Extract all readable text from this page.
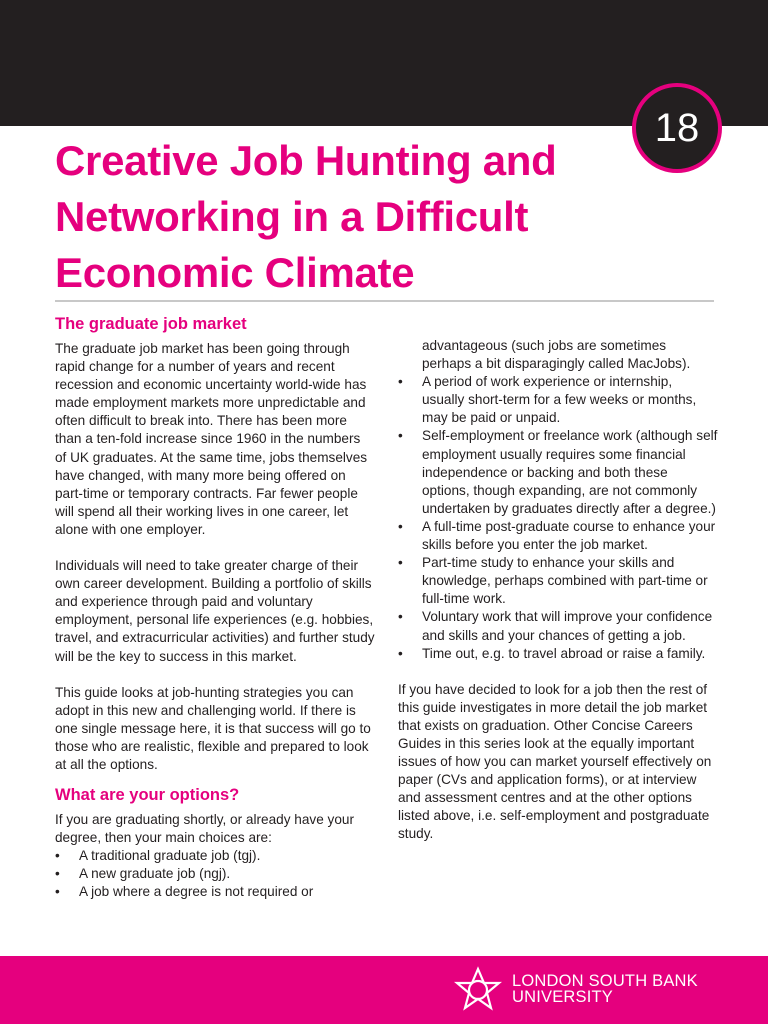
18
Creative Job Hunting and Networking in a Difficult Economic Climate
The graduate job market

The graduate job market has been going through rapid change for a number of years and recent recession and economic uncertainty world-wide has made employment markets more unpredictable and often difficult to break into. There has been more than a ten-fold increase since 1960 in the numbers of UK graduates. At the same time, jobs themselves have changed, with many more being offered on part-time or temporary contracts. Far fewer people will spend all their working lives in one career, let alone with one employer.

Individuals will need to take greater charge of their own career development. Building a portfolio of skills and experience through paid and voluntary employment, personal life experiences (e.g. hobbies, travel, and extracurricular activities) and further study will be the key to success in this market.

This guide looks at job-hunting strategies you can adopt in this new and challenging world. If there is one single message here, it is that success will go to those who are realistic, flexible and prepared to look at all the options.

What are your options?

If you are graduating shortly, or already have your degree, then your main choices are:

• A traditional graduate job (tgj).
• A new graduate job (ngj).
• A job where a degree is not required or

advantageous (such jobs are sometimes perhaps a bit disparagingly called MacJobs).

• A period of work experience or internship, usually short-term for a few weeks or months, may be paid or unpaid.
• Self-employment or freelance work (although self employment usually requires some financial independence or backing and both these options, though expanding, are not commonly undertaken by graduates directly after a degree.)
• A full-time post-graduate course to enhance your skills before you enter the job market.
• Part-time study to enhance your skills and knowledge, perhaps combined with part-time or full-time work.
• Voluntary work that will improve your confidence and skills and your chances of getting a job.
• Time out, e.g. to travel abroad or raise a family.

If you have decided to look for a job then the rest of this guide investigates in more detail the job market that exists on graduation. Other Concise Careers Guides in this series look at the equally important issues of how you can market yourself effectively on paper (CVs and application forms), or at interview and assessment centres and at the other options listed above, i.e. self-employment and postgraduate study.

LONDON SOUTH BANK
UNIVERSITY
